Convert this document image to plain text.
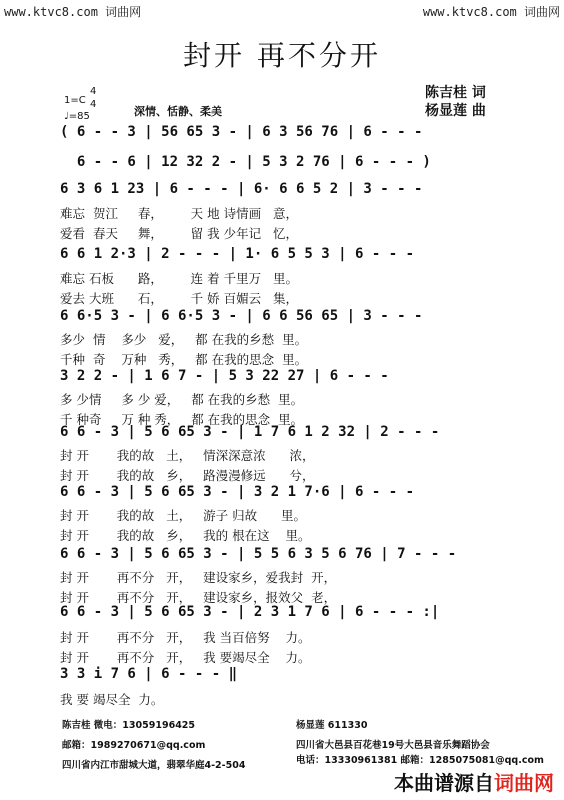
www.ktvc8.com 词曲网	www.ktvc8.com 词曲网
封开 再不分开
陈吉桂 词
杨显莲 曲
1=C
4
4
♩=85	深情、恬静、柔美
( 6 - - 3 | 56 65 3 - | 6 3 56 76 | 6 - - -
6 - - 6 | 12 32 2 - | 5 3 2 76 | 6 - - - )
6 3 6 1 23 | 6 - - - | 6· 6 6 5 2 | 3 - - -
难忘  贺江     春，       天 地 诗情画   意，
爱看  春天     舞，       留 我 少年记   忆，
6 6 1 2·3 | 2 - - - | 1· 6 5 5 3 | 6 - - -
难忘 石板      路，       连 着 千里万   里。
爱去 大班      石，       千 娇 百媚云   集，
6 6·5 3 - | 6 6·5 3 - | 6 6 56 65 | 3 - - -
多少  情    多少   爱，   都 在我的乡愁  里。
千种  奇    万种   秀，   都 在我的思念  里。
3 2 2 - | 1 6 7 - | 5 3 22 27 | 6 - - -
多 少情     多 少 爱，   都 在我的乡愁  里。
千 种奇     万 种 秀，   都 在我的思念  里。
6 6 - 3 | 5 6 65 3 - | 1 7 6 1 2 32 | 2 - - -
封 开       我的故   土，   情深深意浓      浓，
封 开       我的故   乡，   路漫漫修远      兮，
6 6 - 3 | 5 6 65 3 - | 3 2 1 7·6 | 6 - - -
封 开       我的故   土，   游子 归故      里。
封 开       我的故   乡，   我的 根在这    里。
6 6 - 3 | 5 6 65 3 - | 5 5 6 3 5 6 76 | 7 - - -
封 开       再不分   开，   建设家乡，爱我封  开，
封 开       再不分   开，   建设家乡，报效父  老，
6 6 - 3 | 5 6 65 3 - | 2 3 1 7 6 | 6 - - - :|
封 开       再不分   开，   我 当百倍努    力。
封 开       再不分   开，   我 要竭尽全    力。
3 3 i 7 6 | 6 - - - ‖
我 要 竭尽全  力。
陈吉桂 微电：13059196425
邮箱：1989270671@qq.com
四川省内江市甜城大道，翡翠华庭4-2-504
杨显莲 611330
四川省大邑县百花巷19号大邑县音乐舞蹈协会
电话：13330961381 邮箱：1285075081@qq.com
本曲谱源自词曲网
